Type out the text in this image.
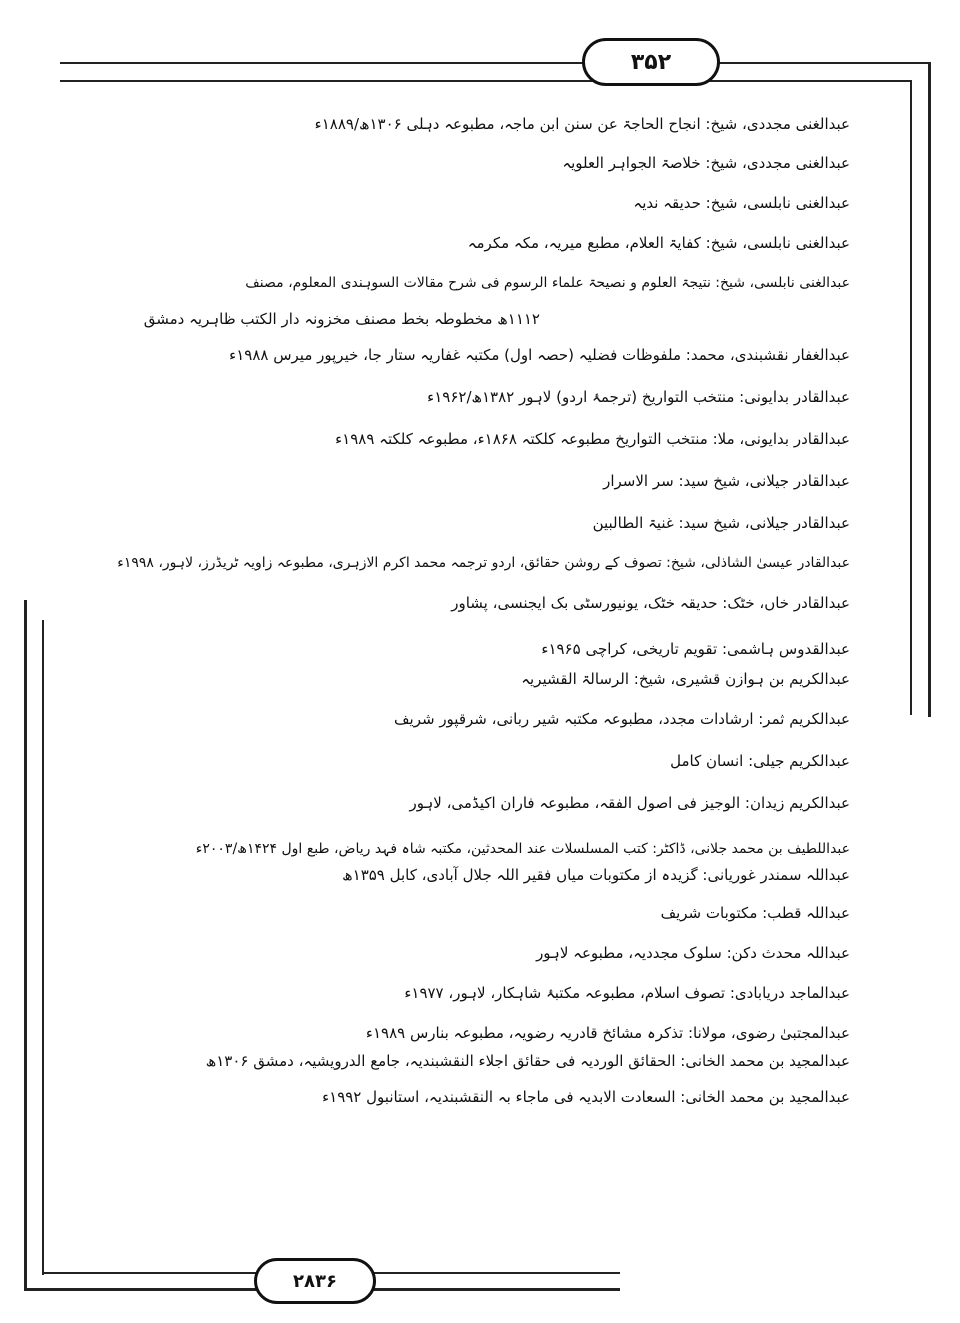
۳۵۲
عبدالغنی مجددی، شیخ: انجاح الحاجۃ عن سنن ابن ماجہ، مطبوعہ دہلی ۱۳۰۶ھ/۱۸۸۹ء
عبدالغنی مجددی، شیخ: خلاصۃ الجواہر العلویہ
عبدالغنی نابلسی، شیخ: حدیقہ ندیہ
عبدالغنی نابلسی، شیخ: کفایۃ العلام، مطبع میریہ، مکہ مکرمہ
عبدالغنی نابلسی، شیخ: نتیجۃ العلوم و نصیحۃ علماء الرسوم فی شرح مقالات السوہندی المعلوم، مصنف
۱۱۱۲ھ مخطوطہ بخط مصنف مخزونہ دار الکتب ظاہریہ دمشق
عبدالغفار نقشبندی، محمد: ملفوظات فضلیہ (حصہ اول) مکتبہ غفاریہ ستار جا، خیرپور میرس ۱۹۸۸ء
عبدالقادر بدایونی: منتخب التواریخ (ترجمۂ اردو) لاہور ۱۳۸۲ھ/۱۹۶۲ء
عبدالقادر بدایونی، ملا: منتخب التواریخ مطبوعہ کلکتہ ۱۸۶۸ء، مطبوعہ کلکتہ ۱۹۸۹ء
عبدالقادر جیلانی، شیخ سید: سر الاسرار
عبدالقادر جیلانی، شیخ سید: غنیۃ الطالبین
عبدالقادر عیسیٰ الشاذلی، شیخ: تصوف کے روشن حقائق، اردو ترجمہ محمد اکرم الازہری، مطبوعہ زاویہ ٹریڈرز، لاہور، ۱۹۹۸ء
عبدالقادر خاں، خٹک: حدیقہ خٹک، یونیورسٹی بک ایجنسی، پشاور
عبدالقدوس ہاشمی: تقویم تاریخی، کراچی ۱۹۶۵ء
عبدالکریم بن ہوازن قشیری، شیخ: الرسالۃ القشیریہ
عبدالکریم ثمر: ارشادات مجدد، مطبوعہ مکتبہ شیر ربانی، شرقپور شریف
عبدالکریم جیلی: انسان کامل
عبدالکریم زیدان: الوجیز فی اصول الفقہ، مطبوعہ فاران اکیڈمی، لاہور
عبداللطیف بن محمد جلانی، ڈاکٹر: کتب المسلسلات عند المحدثین، مکتبہ شاہ فہد ریاض، طبع اول ۱۴۲۴ھ/۲۰۰۳ء
عبداللہ سمندر غوریانی: گزیدہ از مکتوبات میاں فقیر اللہ جلال آبادی، کابل ۱۳۵۹ھ
عبداللہ قطب: مکتوبات شریف
عبداللہ محدث دکن: سلوک مجددیہ، مطبوعہ لاہور
عبدالماجد دریابادی: تصوف اسلام، مطبوعہ مکتبۂ شاہکار، لاہور، ۱۹۷۷ء
عبدالمجتبیٰ رضوی، مولانا: تذکرہ مشائخ قادریہ رضویہ، مطبوعہ بنارس ۱۹۸۹ء
عبدالمجید بن محمد الخانی: الحقائق الوردیہ فی حقائق اجلاء النقشبندیہ، جامع الدرویشیہ، دمشق ۱۳۰۶ھ
عبدالمجید بن محمد الخانی: السعادت الابدیہ فی ماجاء بہ النقشبندیہ، استانبول ۱۹۹۲ء
۲۸۳۶
